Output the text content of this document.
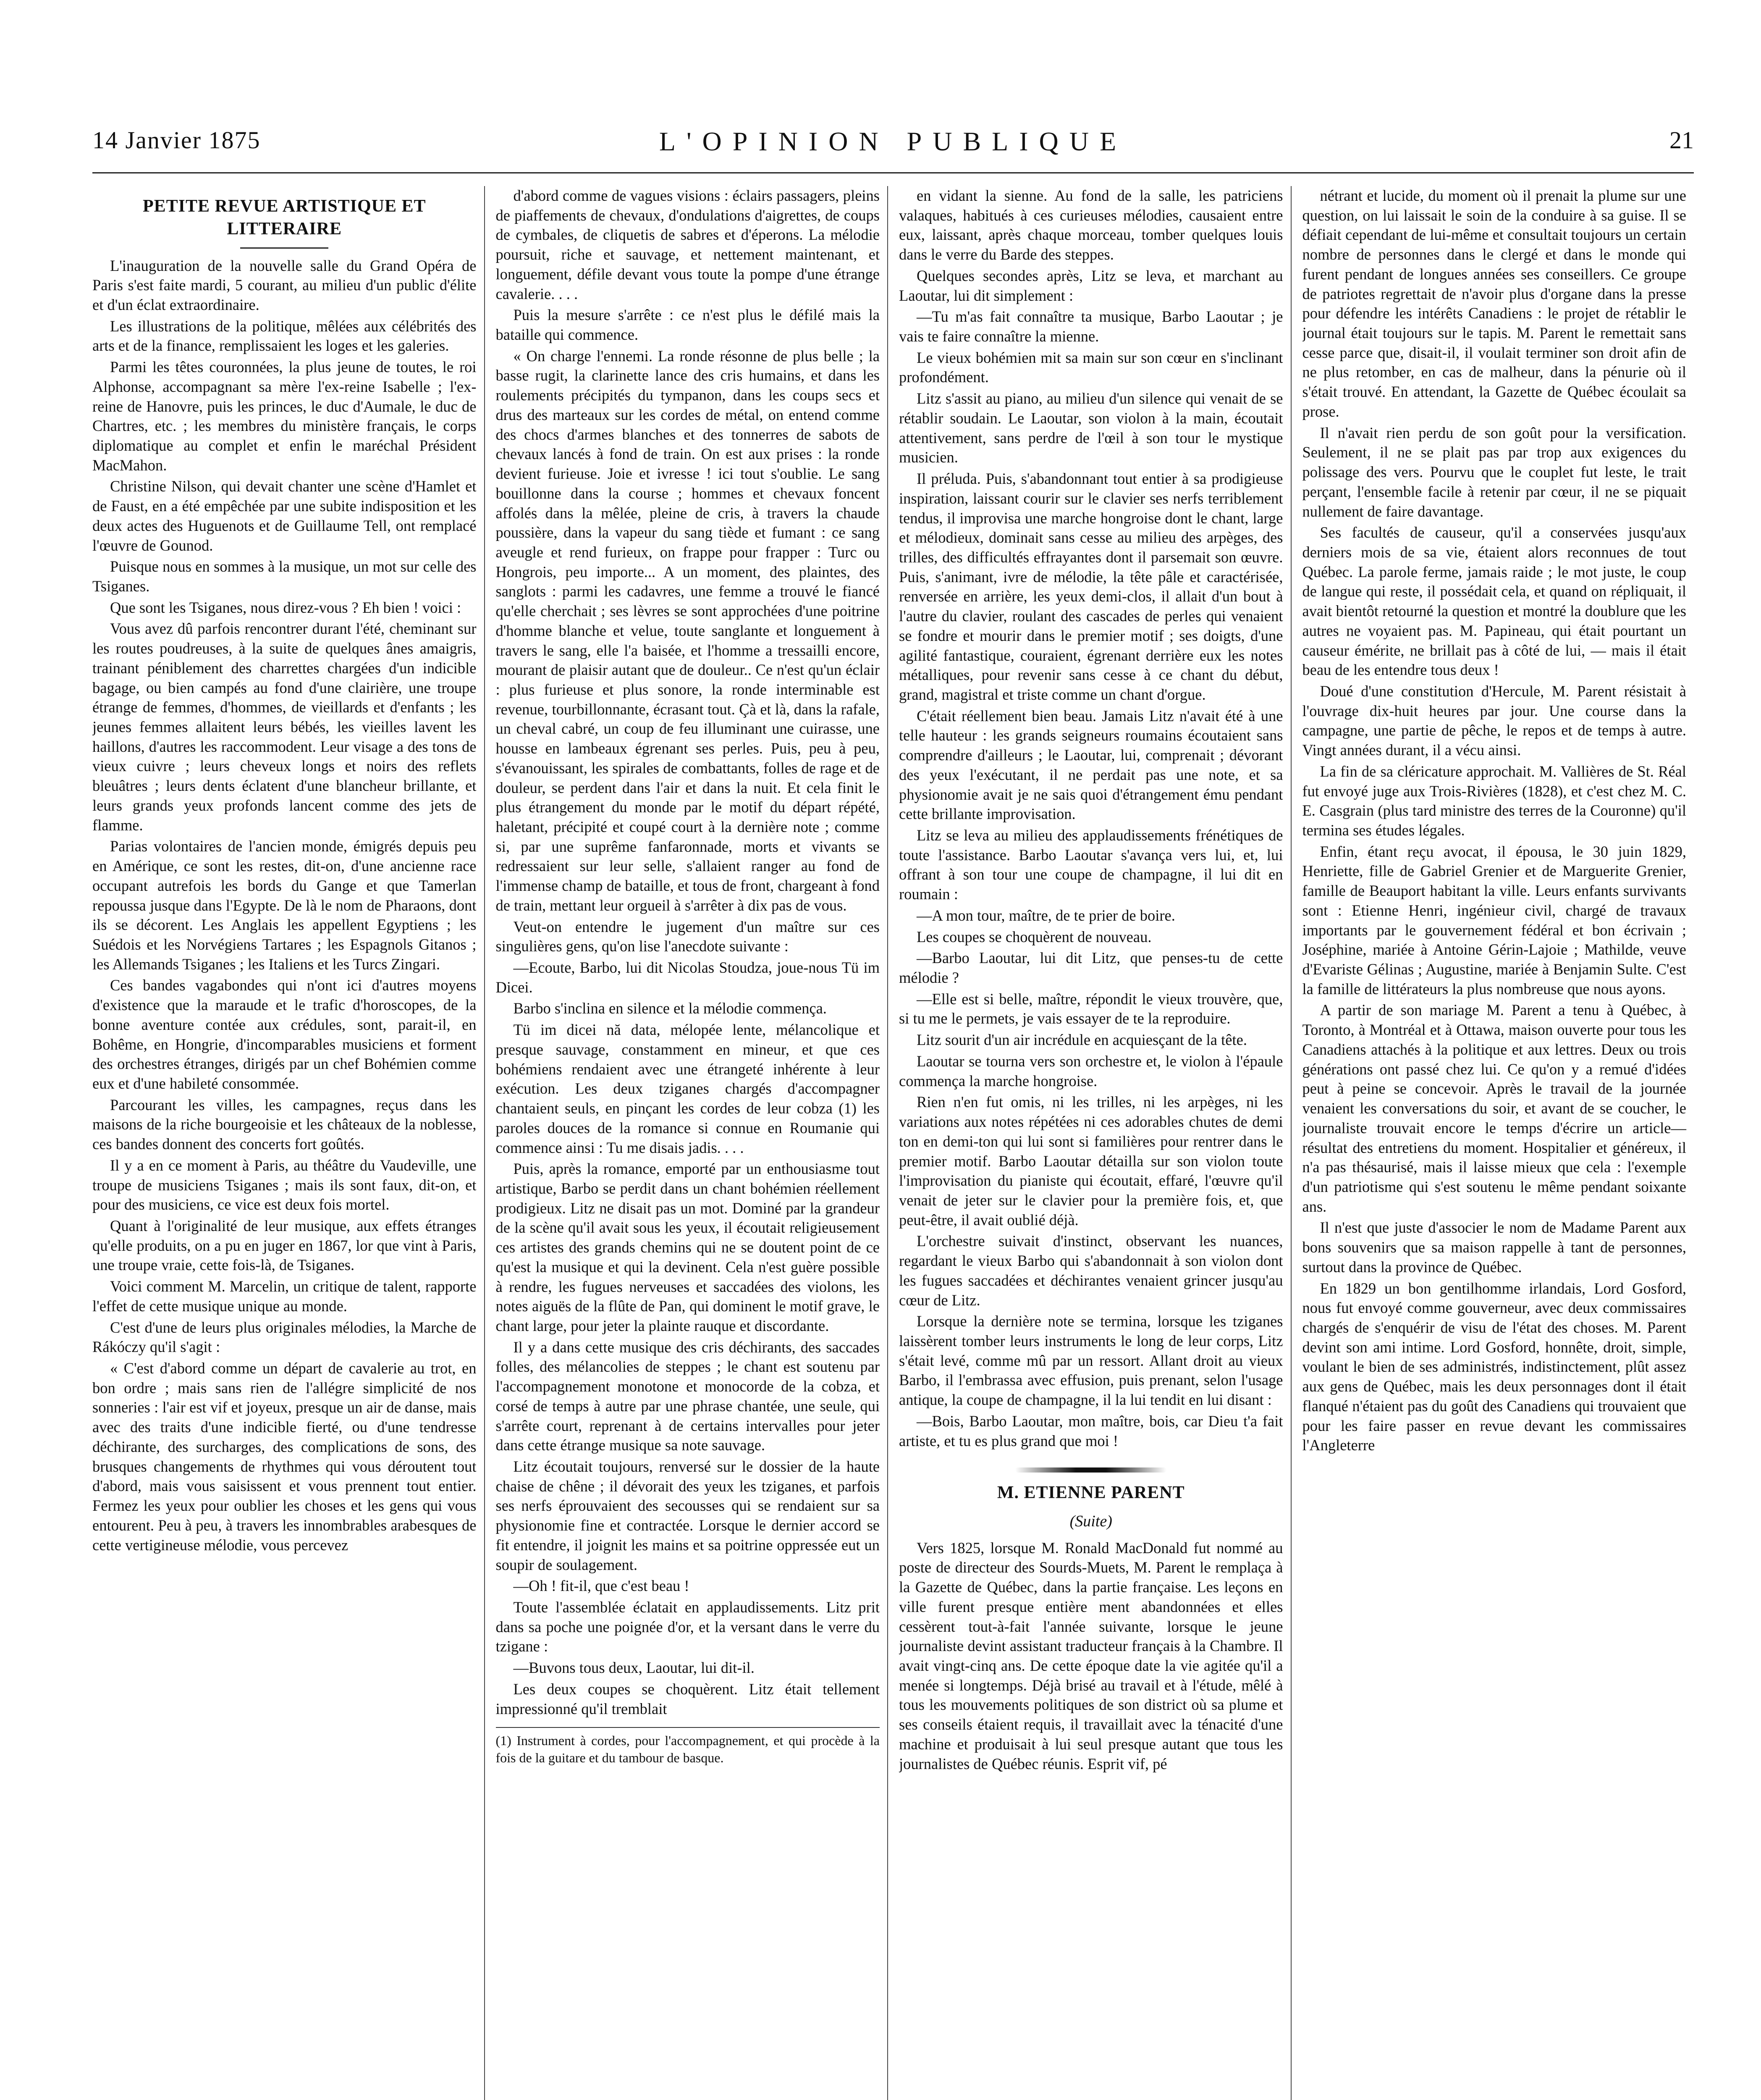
14 Janvier 1875	L'OPINION PUBLIQUE	21
PETITE REVUE ARTISTIQUE ET LITTERAIRE

L'inauguration de la nouvelle salle du Grand Opéra de Paris s'est faite mardi, 5 courant, au milieu d'un public d'élite et d'un éclat extraordinaire.

Les illustrations de la politique, mêlées aux célébrités des arts et de la finance, remplissaient les loges et les galeries.

Parmi les têtes couronnées, la plus jeune de toutes, le roi Alphonse, accompagnant sa mère l'ex-reine Isabelle ; l'ex-reine de Hanovre, puis les princes, le duc d'Aumale, le duc de Chartres, etc. ; les membres du ministère français, le corps diplomatique au complet et enfin le maréchal Président MacMahon.

Christine Nilson, qui devait chanter une scène d'Hamlet et de Faust, en a été empêchée par une subite indisposition et les deux actes des Huguenots et de Guillaume Tell, ont remplacé l'œuvre de Gounod.

Puisque nous en sommes à la musique, un mot sur celle des Tsiganes.

Que sont les Tsiganes, nous direz-vous ? Eh bien ! voici :

Vous avez dû parfois rencontrer durant l'été, cheminant sur les routes poudreuses, à la suite de quelques ânes amaigris, trainant péniblement des charrettes chargées d'un indicible bagage, ou bien campés au fond d'une clairière, une troupe étrange de femmes, d'hommes, de vieillards et d'enfants ; les jeunes femmes allaitent leurs bébés, les vieilles lavent les haillons, d'autres les raccommodent. Leur visage a des tons de vieux cuivre ; leurs cheveux longs et noirs des reflets bleuâtres ; leurs dents éclatent d'une blancheur brillante, et leurs grands yeux profonds lancent comme des jets de flamme.

Parias volontaires de l'ancien monde, émigrés depuis peu en Amérique, ce sont les restes, dit-on, d'une ancienne race occupant autrefois les bords du Gange et que Tamerlan repoussa jusque dans l'Egypte. De là le nom de Pharaons, dont ils se décorent. Les Anglais les appellent Egyptiens ; les Suédois et les Norvégiens Tartares ; les Espagnols Gitanos ; les Allemands Tsiganes ; les Italiens et les Turcs Zingari.

Ces bandes vagabondes qui n'ont ici d'autres moyens d'existence que la maraude et le trafic d'horoscopes, de la bonne aventure contée aux crédules, sont, parait-il, en Bohême, en Hongrie, d'incomparables musiciens et forment des orchestres étranges, dirigés par un chef Bohémien comme eux et d'une habileté consommée.

Parcourant les villes, les campagnes, reçus dans les maisons de la riche bourgeoisie et les châteaux de la noblesse, ces bandes donnent des concerts fort goûtés.

Il y a en ce moment à Paris, au théâtre du Vaudeville, une troupe de musiciens Tsiganes ; mais ils sont faux, dit-on, et pour des musiciens, ce vice est deux fois mortel.

Quant à l'originalité de leur musique, aux effets étranges qu'elle produits, on a pu en juger en 1867, lor que vint à Paris, une troupe vraie, cette fois-là, de Tsiganes.

Voici comment M. Marcelin, un critique de talent, rapporte l'effet de cette musique unique au monde.

C'est d'une de leurs plus originales mélodies, la Marche de Rákóczy qu'il s'agit :

« C'est d'abord comme un départ de cavalerie au trot, en bon ordre ; mais sans rien de l'allégre simplicité de nos sonneries : l'air est vif et joyeux, presque un air de danse, mais avec des traits d'une indicible fierté, ou d'une tendresse déchirante, des surcharges, des complications de sons, des brusques changements de rhythmes qui vous déroutent tout d'abord, mais vous saisissent et vous prennent tout entier. Fermez les yeux pour oublier les choses et les gens qui vous entourent. Peu à peu, à travers les innombrables arabesques de cette vertigineuse mélodie, vous percevez

d'abord comme de vagues visions : éclairs passagers, pleins de piaffements de chevaux, d'ondulations d'aigrettes, de coups de cymbales, de cliquetis de sabres et d'éperons. La mélodie poursuit, riche et sauvage, et nettement maintenant, et longuement, défile devant vous toute la pompe d'une étrange cavalerie. . . .

Puis la mesure s'arrête : ce n'est plus le défilé mais la bataille qui commence.

« On charge l'ennemi. La ronde résonne de plus belle ; la basse rugit, la clarinette lance des cris humains, et dans les roulements précipités du tympanon, dans les coups secs et drus des marteaux sur les cordes de métal, on entend comme des chocs d'armes blanches et des tonnerres de sabots de chevaux lancés à fond de train. On est aux prises : la ronde devient furieuse. Joie et ivresse ! ici tout s'oublie. Le sang bouillonne dans la course ; hommes et chevaux foncent affolés dans la mêlée, pleine de cris, à travers la chaude poussière, dans la vapeur du sang tiède et fumant : ce sang aveugle et rend furieux, on frappe pour frapper : Turc ou Hongrois, peu importe... A un moment, des plaintes, des sanglots : parmi les cadavres, une femme a trouvé le fiancé qu'elle cherchait ; ses lèvres se sont approchées d'une poitrine d'homme blanche et velue, toute sanglante et longuement à travers le sang, elle l'a baisée, et l'homme a tressailli encore, mourant de plaisir autant que de douleur.. Ce n'est qu'un éclair : plus furieuse et plus sonore, la ronde interminable est revenue, tourbillonnante, écrasant tout. Çà et là, dans la rafale, un cheval cabré, un coup de feu illuminant une cuirasse, une housse en lambeaux égrenant ses perles. Puis, peu à peu, s'évanouissant, les spirales de combattants, folles de rage et de douleur, se perdent dans l'air et dans la nuit. Et cela finit le plus étrangement du monde par le motif du départ répété, haletant, précipité et coupé court à la dernière note ; comme si, par une suprême fanfaronnade, morts et vivants se redressaient sur leur selle, s'allaient ranger au fond de l'immense champ de bataille, et tous de front, chargeant à fond de train, mettant leur orgueil à s'arrêter à dix pas de vous.

Veut-on entendre le jugement d'un maître sur ces singulières gens, qu'on lise l'anecdote suivante :

—Ecoute, Barbo, lui dit Nicolas Stoudza, joue-nous Tü im Dicei.

Barbo s'inclina en silence et la mélodie commença.

Tü im dicei nă data, mélopée lente, mélancolique et presque sauvage, constamment en mineur, et que ces bohémiens rendaient avec une étrangeté inhérente à leur exécution. Les deux tziganes chargés d'accompagner chantaient seuls, en pinçant les cordes de leur cobza (1) les paroles douces de la romance si connue en Roumanie qui commence ainsi : Tu me disais jadis. . . .

Puis, après la romance, emporté par un enthousiasme tout artistique, Barbo se perdit dans un chant bohémien réellement prodigieux. Litz ne disait pas un mot. Dominé par la grandeur de la scène qu'il avait sous les yeux, il écoutait religieusement ces artistes des grands chemins qui ne se doutent point de ce qu'est la musique et qui la devinent. Cela n'est guère possible à rendre, les fugues nerveuses et saccadées des violons, les notes aiguës de la flûte de Pan, qui dominent le motif grave, le chant large, pour jeter la plainte rauque et discordante.

Il y a dans cette musique des cris déchirants, des saccades folles, des mélancolies de steppes ; le chant est soutenu par l'accompagnement monotone et monocorde de la cobza, et corsé de temps à autre par une phrase chantée, une seule, qui s'arrête court, reprenant à de certains intervalles pour jeter dans cette étrange musique sa note sauvage.

Litz écoutait toujours, renversé sur le dossier de la haute chaise de chêne ; il dévorait des yeux les tziganes, et parfois ses nerfs éprouvaient des secousses qui se rendaient sur sa physionomie fine et contractée. Lorsque le dernier accord se fit entendre, il joignit les mains et sa poitrine oppressée eut un soupir de soulagement.

—Oh ! fit-il, que c'est beau !

Toute l'assemblée éclatait en applaudissements. Litz prit dans sa poche une poignée d'or, et la versant dans le verre du tzigane :

—Buvons tous deux, Laoutar, lui dit-il.

Les deux coupes se choquèrent. Litz était tellement impressionné qu'il tremblait

(1) Instrument à cordes, pour l'accompagnement, et qui procède à la fois de la guitare et du tambour de basque.

en vidant la sienne. Au fond de la salle, les patriciens valaques, habitués à ces curieuses mélodies, causaient entre eux, laissant, après chaque morceau, tomber quelques louis dans le verre du Barde des steppes.

Quelques secondes après, Litz se leva, et marchant au Laoutar, lui dit simplement :

—Tu m'as fait connaître ta musique, Barbo Laoutar ; je vais te faire connaître la mienne.

Le vieux bohémien mit sa main sur son cœur en s'inclinant profondément.

Litz s'assit au piano, au milieu d'un silence qui venait de se rétablir soudain. Le Laoutar, son violon à la main, écoutait attentivement, sans perdre de l'œil à son tour le mystique musicien.

Il préluda. Puis, s'abandonnant tout entier à sa prodigieuse inspiration, laissant courir sur le clavier ses nerfs terriblement tendus, il improvisa une marche hongroise dont le chant, large et mélodieux, dominait sans cesse au milieu des arpèges, des trilles, des difficultés effrayantes dont il parsemait son œuvre. Puis, s'animant, ivre de mélodie, la tête pâle et caractérisée, renversée en arrière, les yeux demi-clos, il allait d'un bout à l'autre du clavier, roulant des cascades de perles qui venaient se fondre et mourir dans le premier motif ; ses doigts, d'une agilité fantastique, couraient, égrenant derrière eux les notes métalliques, pour revenir sans cesse à ce chant du début, grand, magistral et triste comme un chant d'orgue.

C'était réellement bien beau. Jamais Litz n'avait été à une telle hauteur : les grands seigneurs roumains écoutaient sans comprendre d'ailleurs ; le Laoutar, lui, comprenait ; dévorant des yeux l'exécutant, il ne perdait pas une note, et sa physionomie avait je ne sais quoi d'étrangement ému pendant cette brillante improvisation.

Litz se leva au milieu des applaudissements frénétiques de toute l'assistance. Barbo Laoutar s'avança vers lui, et, lui offrant à son tour une coupe de champagne, il lui dit en roumain :

—A mon tour, maître, de te prier de boire.

Les coupes se choquèrent de nouveau.

—Barbo Laoutar, lui dit Litz, que penses-tu de cette mélodie ?

—Elle est si belle, maître, répondit le vieux trouvère, que, si tu me le permets, je vais essayer de te la reproduire.

Litz sourit d'un air incrédule en acquiesçant de la tête.

Laoutar se tourna vers son orchestre et, le violon à l'épaule commença la marche hongroise.

Rien n'en fut omis, ni les trilles, ni les arpèges, ni les variations aux notes répétées ni ces adorables chutes de demi ton en demi-ton qui lui sont si familières pour rentrer dans le premier motif. Barbo Laoutar détailla sur son violon toute l'improvisation du pianiste qui écoutait, effaré, l'œuvre qu'il venait de jeter sur le clavier pour la première fois, et, que peut-être, il avait oublié déjà.

L'orchestre suivait d'instinct, observant les nuances, regardant le vieux Barbo qui s'abandonnait à son violon dont les fugues saccadées et déchirantes venaient grincer jusqu'au cœur de Litz.

Lorsque la dernière note se termina, lorsque les tziganes laissèrent tomber leurs instruments le long de leur corps, Litz s'était levé, comme mû par un ressort. Allant droit au vieux Barbo, il l'embrassa avec effusion, puis prenant, selon l'usage antique, la coupe de champagne, il la lui tendit en lui disant :

—Bois, Barbo Laoutar, mon maître, bois, car Dieu t'a fait artiste, et tu es plus grand que moi !

M. ETIENNE PARENT
(Suite)

Vers 1825, lorsque M. Ronald MacDonald fut nommé au poste de directeur des Sourds-Muets, M. Parent le remplaça à la Gazette de Québec, dans la partie française. Les leçons en ville furent presque entière ment abandonnées et elles cessèrent tout-à-fait l'année suivante, lorsque le jeune journaliste devint assistant traducteur français à la Chambre. Il avait vingt-cinq ans. De cette époque date la vie agitée qu'il a menée si longtemps. Déjà brisé au travail et à l'étude, mêlé à tous les mouvements politiques de son district où sa plume et ses conseils étaient requis, il travaillait avec la ténacité d'une machine et produisait à lui seul presque autant que tous les journalistes de Québec réunis. Esprit vif, pé

nétrant et lucide, du moment où il prenait la plume sur une question, on lui laissait le soin de la conduire à sa guise. Il se défiait cependant de lui-même et consultait toujours un certain nombre de personnes dans le clergé et dans le monde qui furent pendant de longues années ses conseillers. Ce groupe de patriotes regrettait de n'avoir plus d'organe dans la presse pour défendre les intérêts Canadiens : le projet de rétablir le journal était toujours sur le tapis. M. Parent le remettait sans cesse parce que, disait-il, il voulait terminer son droit afin de ne plus retomber, en cas de malheur, dans la pénurie où il s'était trouvé. En attendant, la Gazette de Québec écoulait sa prose.

Il n'avait rien perdu de son goût pour la versification. Seulement, il ne se plait pas par trop aux exigences du polissage des vers. Pourvu que le couplet fut leste, le trait perçant, l'ensemble facile à retenir par cœur, il ne se piquait nullement de faire davantage.

Ses facultés de causeur, qu'il a conservées jusqu'aux derniers mois de sa vie, étaient alors reconnues de tout Québec. La parole ferme, jamais raide ; le mot juste, le coup de langue qui reste, il possédait cela, et quand on répliquait, il avait bientôt retourné la question et montré la doublure que les autres ne voyaient pas. M. Papineau, qui était pourtant un causeur émérite, ne brillait pas à côté de lui, — mais il était beau de les entendre tous deux !

Doué d'une constitution d'Hercule, M. Parent résistait à l'ouvrage dix-huit heures par jour. Une course dans la campagne, une partie de pêche, le repos et de temps à autre. Vingt années durant, il a vécu ainsi.

La fin de sa cléricature approchait. M. Vallières de St. Réal fut envoyé juge aux Trois-Rivières (1828), et c'est chez M. C. E. Casgrain (plus tard ministre des terres de la Couronne) qu'il termina ses études légales.

Enfin, étant reçu avocat, il épousa, le 30 juin 1829, Henriette, fille de Gabriel Grenier et de Marguerite Grenier, famille de Beauport habitant la ville. Leurs enfants survivants sont : Etienne Henri, ingénieur civil, chargé de travaux importants par le gouvernement fédéral et bon écrivain ; Joséphine, mariée à Antoine Gérin-Lajoie ; Mathilde, veuve d'Evariste Gélinas ; Augustine, mariée à Benjamin Sulte. C'est la famille de littérateurs la plus nombreuse que nous ayons.

A partir de son mariage M. Parent a tenu à Québec, à Toronto, à Montréal et à Ottawa, maison ouverte pour tous les Canadiens attachés à la politique et aux lettres. Deux ou trois générations ont passé chez lui. Ce qu'on y a remué d'idées peut à peine se concevoir. Après le travail de la journée venaient les conversations du soir, et avant de se coucher, le journaliste trouvait encore le temps d'écrire un article—résultat des entretiens du moment. Hospitalier et généreux, il n'a pas thésaurisé, mais il laisse mieux que cela : l'exemple d'un patriotisme qui s'est soutenu le même pendant soixante ans.

Il n'est que juste d'associer le nom de Madame Parent aux bons souvenirs que sa maison rappelle à tant de personnes, surtout dans la province de Québec.

En 1829 un bon gentilhomme irlandais, Lord Gosford, nous fut envoyé comme gouverneur, avec deux commissaires chargés de s'enquérir de visu de l'état des choses. M. Parent devint son ami intime. Lord Gosford, honnête, droit, simple, voulant le bien de ses administrés, indistinctement, plût assez aux gens de Québec, mais les deux personnages dont il était flanqué n'étaient pas du goût des Canadiens qui trouvaient que pour les faire passer en revue devant les commissaires l'Angleterre
